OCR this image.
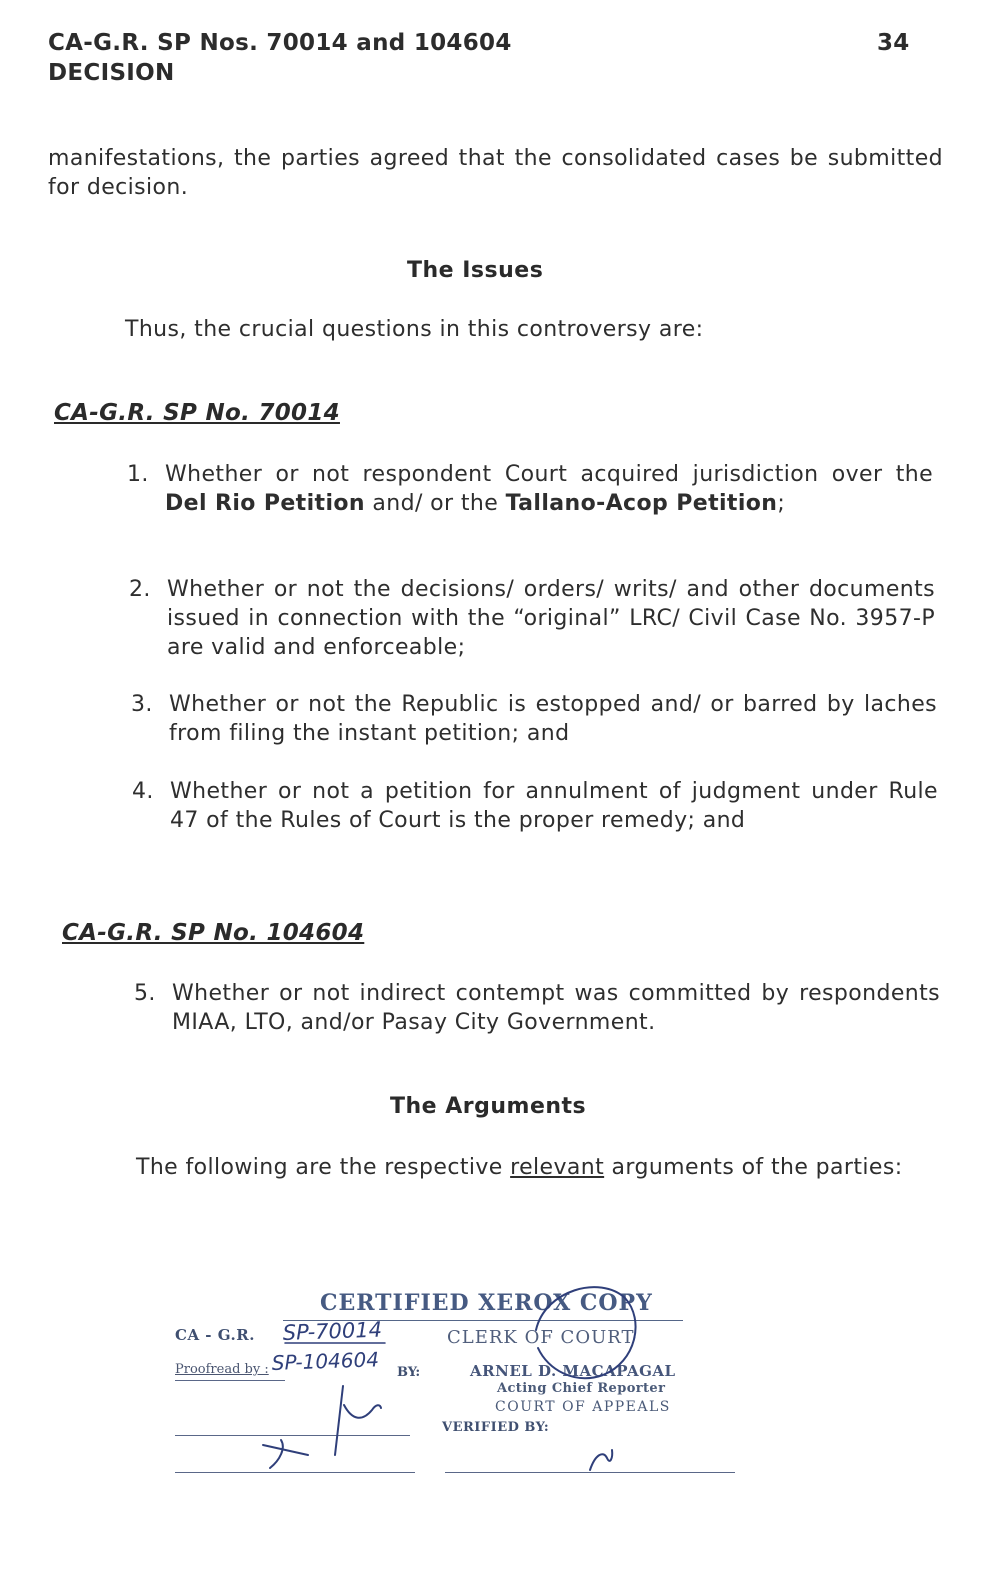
CA-G.R. SP Nos. 70014 and 104604
DECISION
34
manifestations, the parties agreed that the consolidated cases be submitted for decision.
The Issues
Thus, the crucial questions in this controversy are:
CA-G.R. SP No. 70014
1. Whether or not respondent Court acquired jurisdiction over the Del Rio Petition and/ or the Tallano-Acop Petition;
2. Whether or not the decisions/ orders/ writs/ and other documents issued in connection with the “original” LRC/ Civil Case No. 3957-P are valid and enforceable;
3. Whether or not the Republic is estopped and/ or barred by laches from filing the instant petition; and
4. Whether or not a petition for annulment of judgment under Rule 47 of the Rules of Court is the proper remedy; and
CA-G.R. SP No. 104604
5. Whether or not indirect contempt was committed by respondents MIAA, LTO, and/or Pasay City Government.
The Arguments
The following are the respective relevant arguments of the parties:
CERTIFIED XEROX COPY
CA - G.R.	CLERK OF COURT
Proofread by :	BY:	ARNEL D. MACAPAGAL
Acting Chief Reporter
COURT OF APPEALS
VERIFIED BY:
SP-70014
SP-104604
